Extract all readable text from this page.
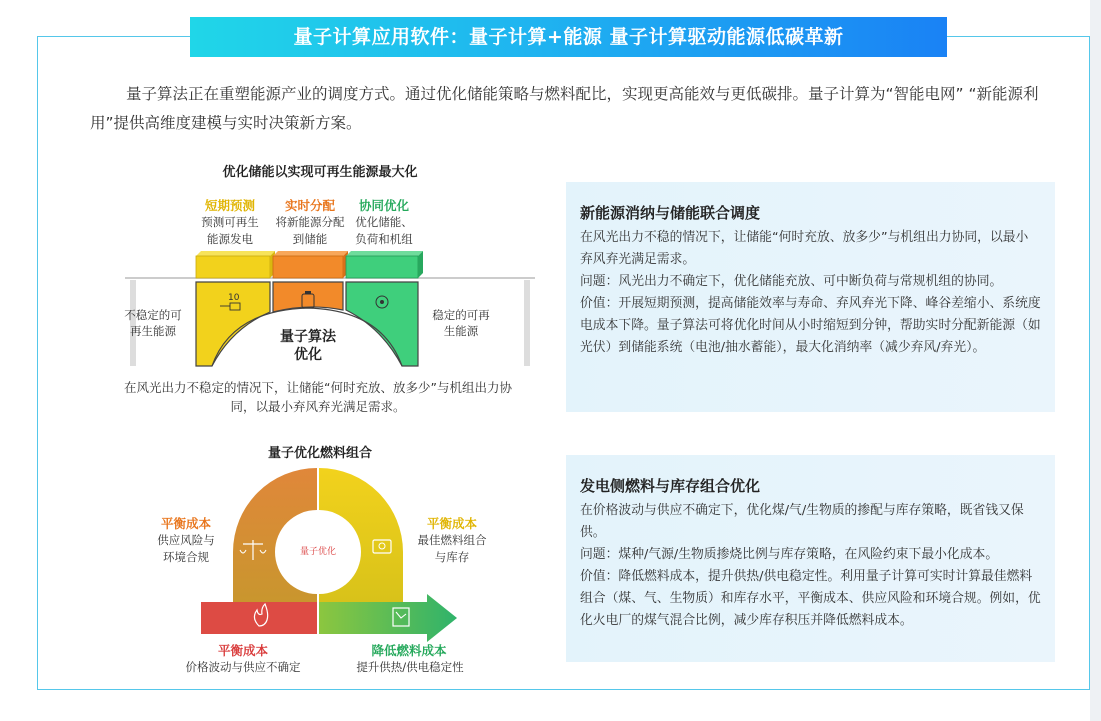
量子计算应用软件：量子计算+能源 量子计算驱动能源低碳革新
量子算法正在重塑能源产业的调度方式。通过优化储能策略与燃料配比，实现更高能效与更低碳排。量子计算为“智能电网” “新能源利用”提供高维度建模与实时决策新方案。
优化储能以实现可再生能源最大化
短期预测
预测可再生
能源发电
实时分配
将新能源分配
到储能
协同优化
优化储能、
负荷和机组
10
不稳定的可
再生能源
稳定的可再
生能源
量子算法
优化
在风光出力不稳定的情况下，让储能“何时充放、放多少”与机组出力协
同，以最小弃风弃光满足需求。
量子优化燃料组合
量子优化
平衡成本
供应风险与
环境合规
平衡成本
最佳燃料组合
与库存
平衡成本
价格波动与供应不确定
降低燃料成本
提升供热/供电稳定性
新能源消纳与储能联合调度

在风光出力不稳的情况下，让储能“何时充放、放多少”与机组出力协同，以最小弃风弃光满足需求。

问题：风光出力不确定下，优化储能充放、可中断负荷与常规机组的协同。

价值：开展短期预测，提高储能效率与寿命、弃风弃光下降、峰谷差缩小、系统度电成本下降。量子算法可将优化时间从小时缩短到分钟，帮助实时分配新能源（如光伏）到储能系统（电池/抽水蓄能），最大化消纳率（减少弃风/弃光）。

发电侧燃料与库存组合优化

在价格波动与供应不确定下，优化煤/气/生物质的掺配与库存策略，既省钱又保供。

问题：煤种/气源/生物质掺烧比例与库存策略，在风险约束下最小化成本。

价值：降低燃料成本，提升供热/供电稳定性。利用量子计算可实时计算最佳燃料组合（煤、气、生物质）和库存水平，平衡成本、供应风险和环境合规。例如，优化火电厂的煤气混合比例，减少库存积压并降低燃料成本。
